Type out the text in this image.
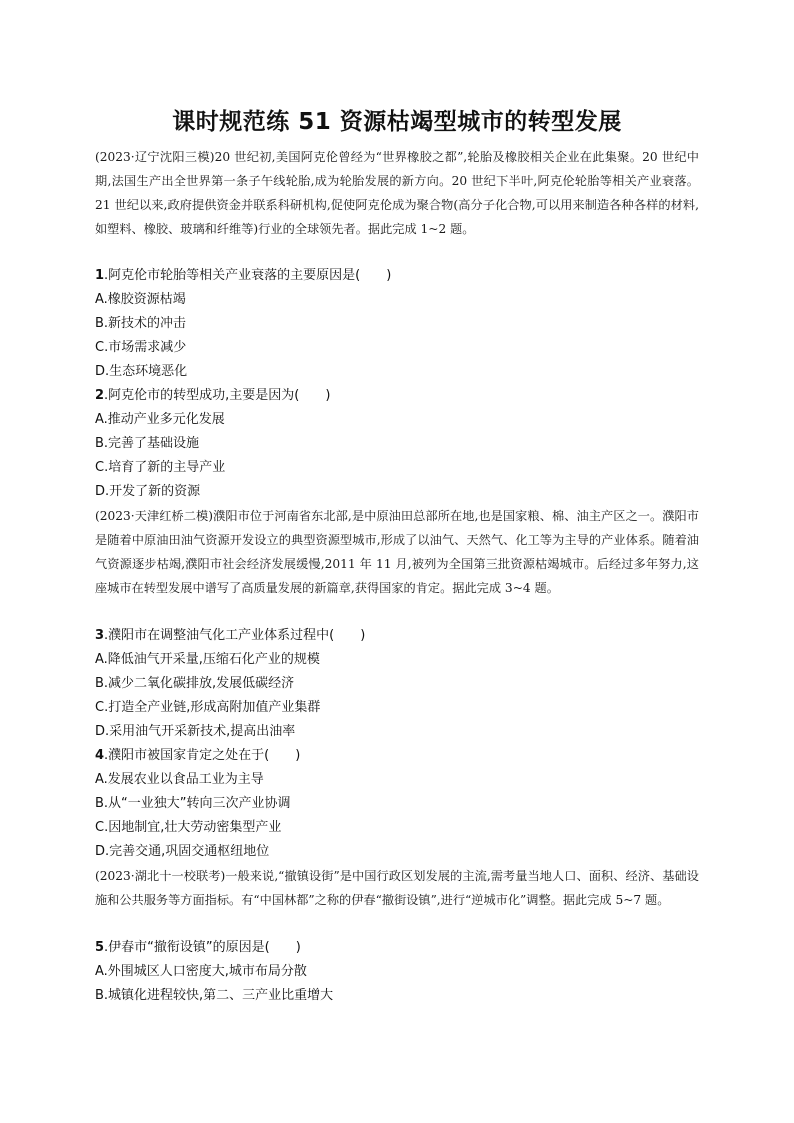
课时规范练 51 资源枯竭型城市的转型发展

(2023·辽宁沈阳三模)20 世纪初,美国阿克伦曾经为“世界橡胶之都”,轮胎及橡胶相关企业在此集聚。20 世纪中期,法国生产出全世界第一条子午线轮胎,成为轮胎发展的新方向。20 世纪下半叶,阿克伦轮胎等相关产业衰落。21 世纪以来,政府提供资金并联系科研机构,促使阿克伦成为聚合物(高分子化合物,可以用来制造各种各样的材料,如塑料、橡胶、玻璃和纤维等)行业的全球领先者。据此完成 1~2 题。

1.阿克伦市轮胎等相关产业衰落的主要原因是(　　)

A.橡胶资源枯竭

B.新技术的冲击

C.市场需求减少

D.生态环境恶化

2.阿克伦市的转型成功,主要是因为(　　)

A.推动产业多元化发展

B.完善了基础设施

C.培育了新的主导产业

D.开发了新的资源

(2023·天津红桥二模)濮阳市位于河南省东北部,是中原油田总部所在地,也是国家粮、棉、油主产区之一。濮阳市是随着中原油田油气资源开发设立的典型资源型城市,形成了以油气、天然气、化工等为主导的产业体系。随着油气资源逐步枯竭,濮阳市社会经济发展缓慢,2011 年 11 月,被列为全国第三批资源枯竭城市。后经过多年努力,这座城市在转型发展中谱写了高质量发展的新篇章,获得国家的肯定。据此完成 3~4 题。

3.濮阳市在调整油气化工产业体系过程中(　　)

A.降低油气开采量,压缩石化产业的规模

B.减少二氧化碳排放,发展低碳经济

C.打造全产业链,形成高附加值产业集群

D.采用油气开采新技术,提高出油率

4.濮阳市被国家肯定之处在于(　　)

A.发展农业以食品工业为主导

B.从“一业独大”转向三次产业协调

C.因地制宜,壮大劳动密集型产业

D.完善交通,巩固交通枢纽地位

(2023·湖北十一校联考)一般来说,“撤镇设街”是中国行政区划发展的主流,需考量当地人口、面积、经济、基础设施和公共服务等方面指标。有“中国林都”之称的伊春“撤街设镇”,进行“逆城市化”调整。据此完成 5~7 题。

5.伊春市“撤衔设镇”的原因是(　　)

A.外围城区人口密度大,城市布局分散

B.城镇化进程较快,第二、三产业比重增大
